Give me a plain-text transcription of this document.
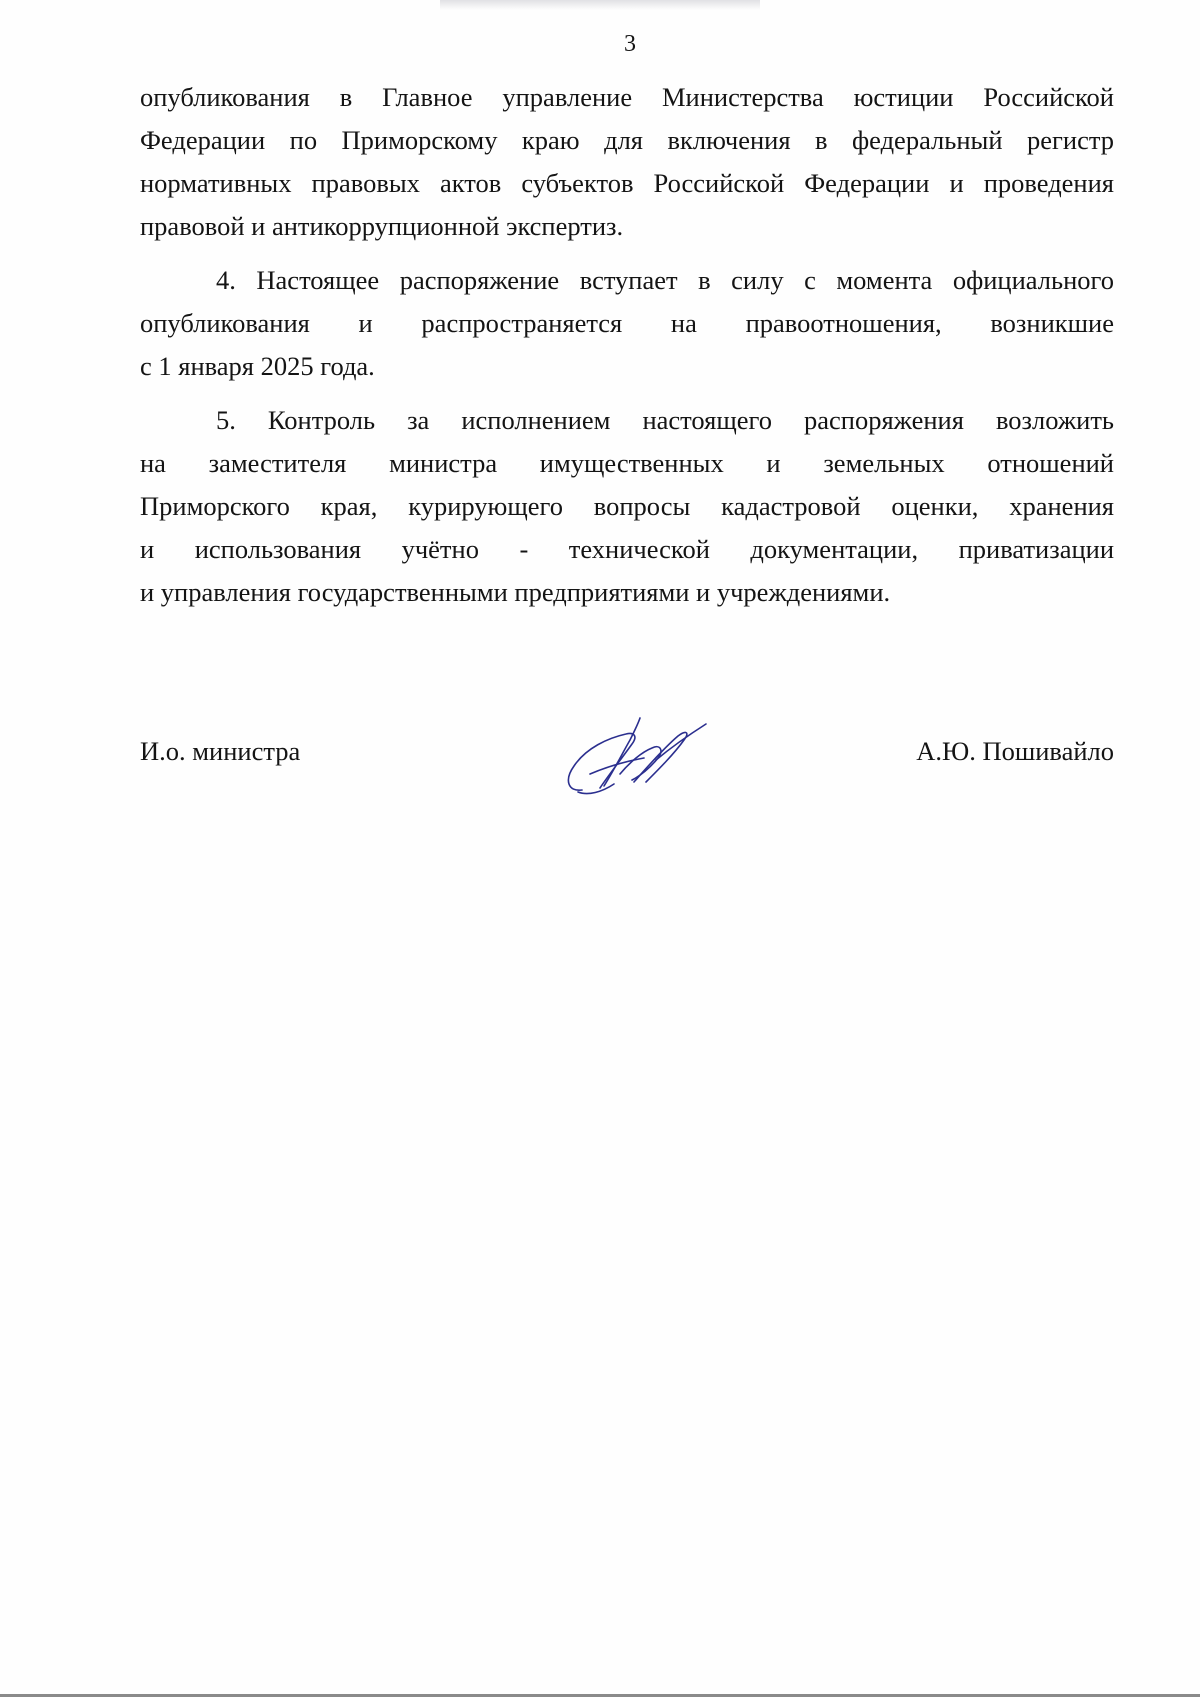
3
опубликования в Главное управление Министерства юстиции Российской
Федерации по Приморскому краю для включения в федеральный регистр
нормативных правовых актов субъектов Российской Федерации и проведения
правовой и антикоррупционной экспертиз.
4. Настоящее распоряжение вступает в силу с момента официального
опубликования и распространяется на правоотношения, возникшие
с 1 января 2025 года.
5. Контроль за исполнением настоящего распоряжения возложить
на заместителя министра имущественных и земельных отношений
Приморского края, курирующего вопросы кадастровой оценки, хранения
и использования учётно - технической документации, приватизации
и управления государственными предприятиями и учреждениями.
И.о. министра	А.Ю. Пошивайло
